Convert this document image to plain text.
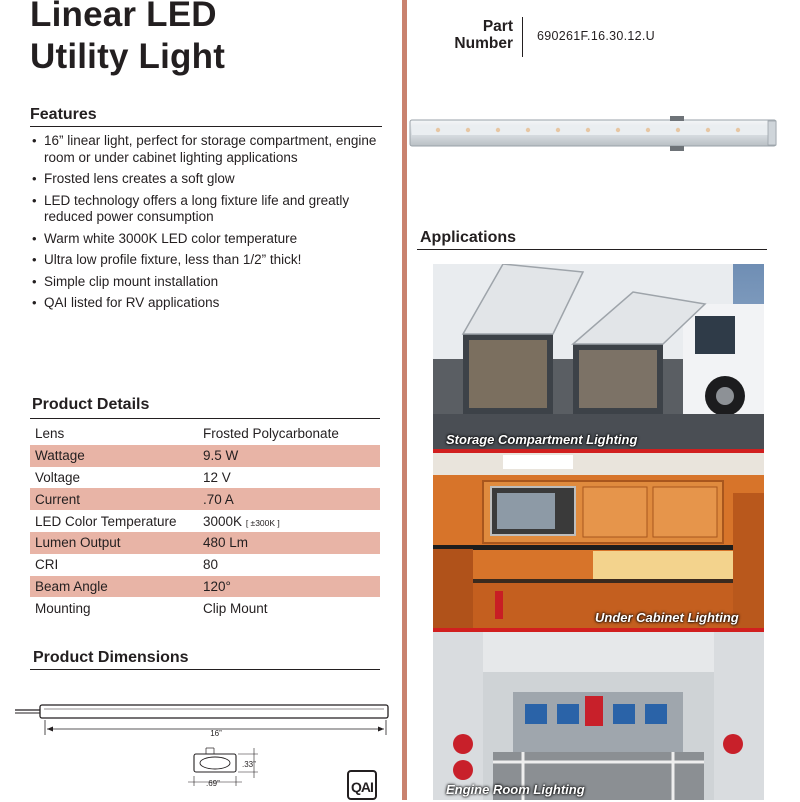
Linear LED
Utility Light
Features
• 16” linear light, perfect for storage compartment, engine room or under cabinet lighting applications
• Frosted lens creates a soft glow
• LED technology offers a long fixture life and greatly reduced power consumption
• Warm white 3000K LED color temperature
• Ultra low profile fixture, less than 1/2” thick!
• Simple clip mount installation
• QAI listed for RV applications
Product Details
Lens	Frosted Polycarbonate
Wattage	9.5 W
Voltage	12 V
Current	.70 A
LED Color Temperature	3000K [ ±300K ]
Lumen Output	480 Lm
CRI	80
Beam Angle	120°
Mounting	Clip Mount
Product Dimensions
16”
.33”
.69”	QAI
Part
Number 690261F.16.30.12.U
Applications
Storage Compartment Lighting
Under Cabinet Lighting
Engine Room Lighting
